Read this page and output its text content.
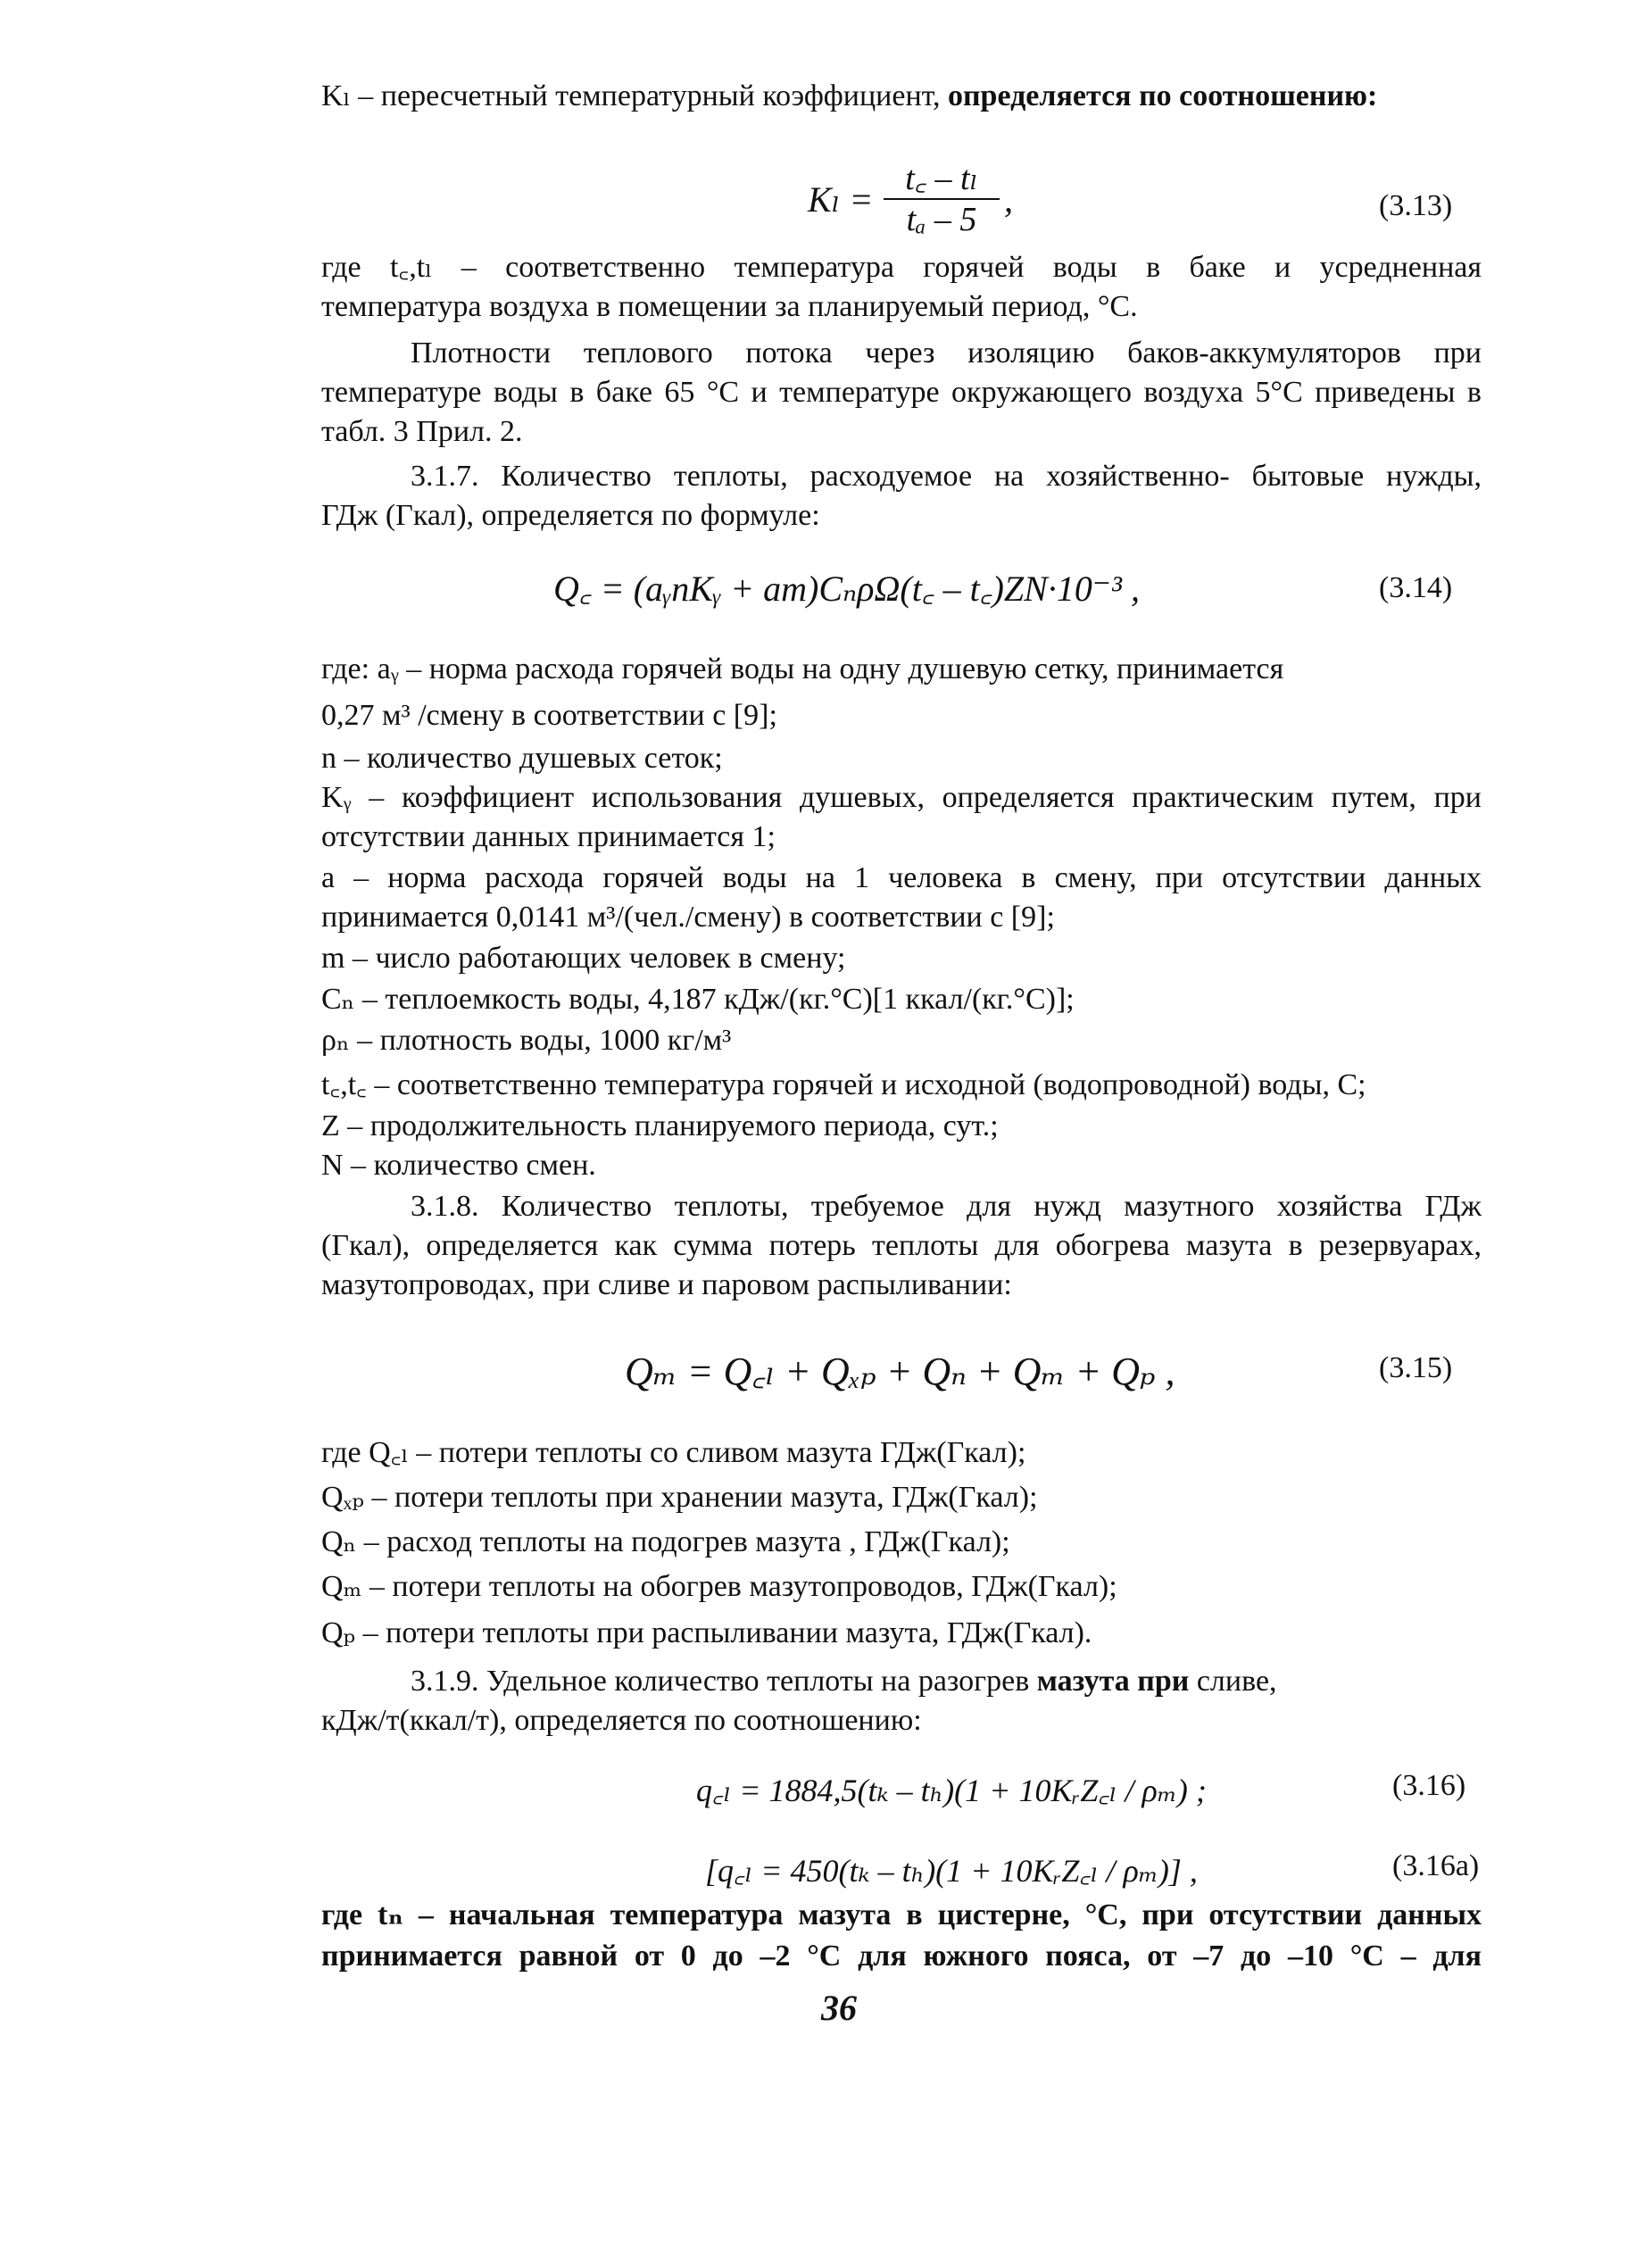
Kₗ – пересчетный температурный коэффициент, определяется по соотношению:
Kₗ =
t꜀ – tₗ
tₐ – 5 ,	(3.13)
где t꜀,tₗ – соответственно температура горячей воды в баке и усредненная
температура воздуха в помещении за планируемый период, °С.
Плотности теплового потока через изоляцию баков-аккумуляторов при
температуре воды в баке 65 °С и температуре окружающего воздуха 5°С приведены в
табл. 3 Прил. 2.
3.1.7. Количество теплоты, расходуемое на хозяйственно- бытовые нужды,
ГДж (Гкал), определяется по формуле:
Q꜀ = (aᵧnKᵧ + am)CₙρΩ(t꜀ – t꜀)ZN·10⁻³ ,	(3.14)
где: aᵧ – норма расхода горячей воды на одну душевую сетку, принимается
0,27 м³ /смену в соответствии с [9];
n – количество душевых сеток;
Kᵧ – коэффициент использования душевых, определяется практическим путем, при
отсутствии данных принимается 1;
a – норма расхода горячей воды на 1 человека в смену, при отсутствии данных
принимается 0,0141 м³/(чел./смену) в соответствии с [9];
m – число работающих человек в смену;
Cₙ – теплоемкость воды, 4,187 кДж/(кг.°С)[1 ккал/(кг.°С)];
ρₙ – плотность воды, 1000 кг/м³
t꜀,t꜀ – соответственно температура горячей и исходной (водопроводной) воды, С;
Z – продолжительность планируемого периода, сут.;
N – количество смен.
3.1.8. Количество теплоты, требуемое для нужд мазутного хозяйства ГДж
(Гкал), определяется как сумма потерь теплоты для обогрева мазута в резервуарах,
мазутопроводах, при сливе и паровом распыливании:
Qₘ = Q꜀ₗ + Qₓₚ + Qₙ + Qₘ + Qₚ ,	(3.15)
где Q꜀ₗ – потери теплоты со сливом мазута ГДж(Гкал);
Qₓₚ – потери теплоты при хранении мазута, ГДж(Гкал);
Qₙ – расход теплоты на подогрев мазута , ГДж(Гкал);
Qₘ – потери теплоты на обогрев мазутопроводов, ГДж(Гкал);
Qₚ – потери теплоты при распыливании мазута, ГДж(Гкал).
3.1.9. Удельное количество теплоты на разогрев мазута при сливе,
кДж/т(ккал/т), определяется по соотношению:
q꜀ₗ = 1884,5(tₖ – tₕ)(1 + 10KᵣZ꜀ₗ / ρₘ) ;	(3.16)
[q꜀ₗ = 450(tₖ – tₕ)(1 + 10KᵣZ꜀ₗ / ρₘ)] ,	(3.16а)
где tₙ – начальная температура мазута в цистерне, °С, при отсутствии данных
принимается равной от 0 до –2 °С для южного пояса, от –7 до –10 °С – для
36
